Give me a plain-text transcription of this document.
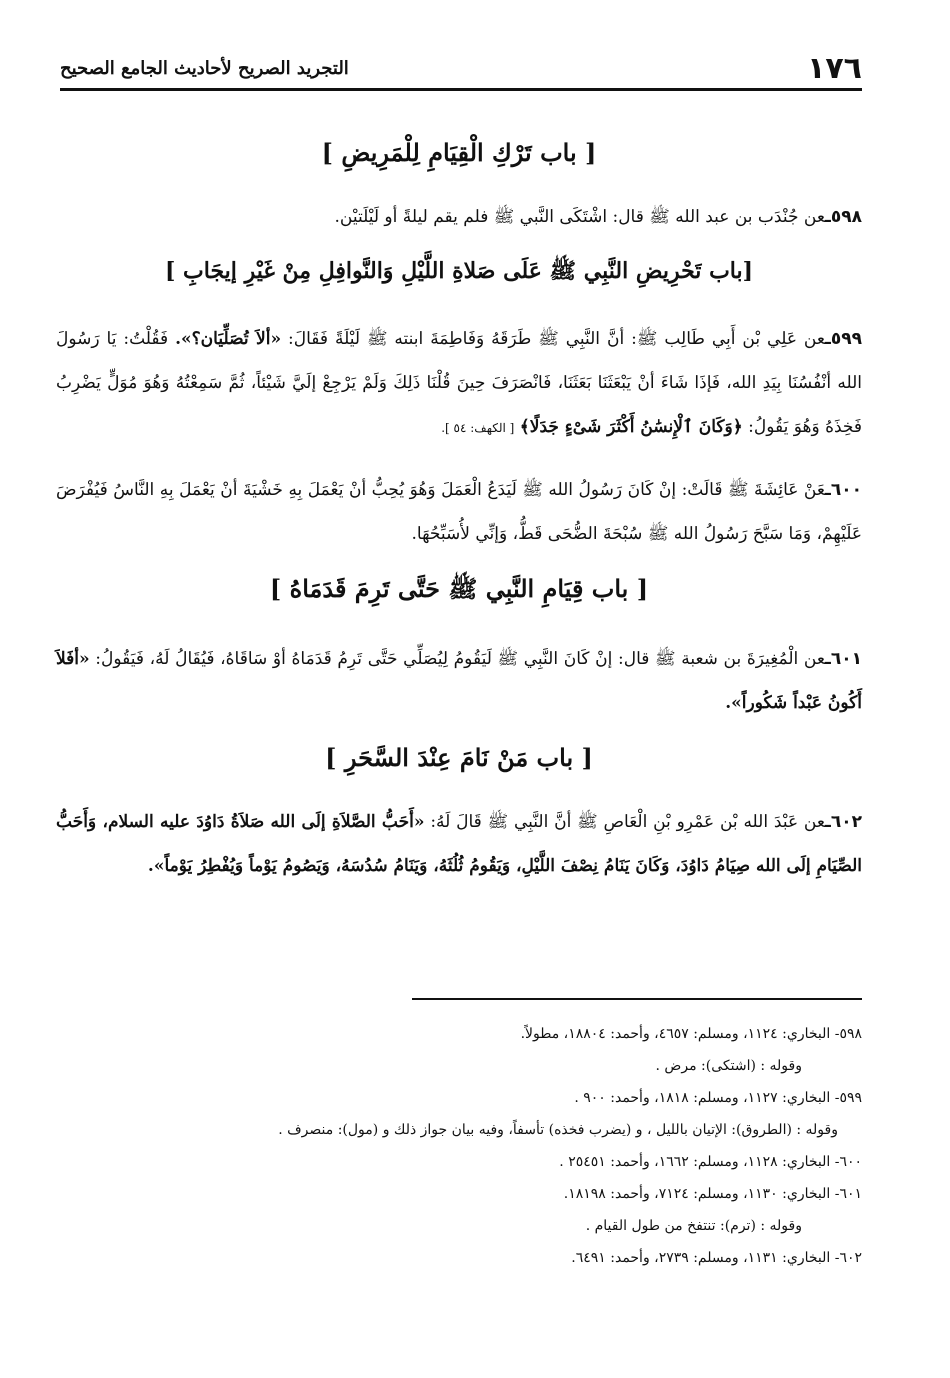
١٧٦
التجريد الصريح لأحاديث الجامع الصحيح
[ باب تَرْكِ الْقِيَامِ لِلْمَرِيضِ ]

٥٩٨ـعن جُنْدَب بن عبد الله ﷺ قال: اشْتَكَى النَّبي ﷺ فلم يقم ليلةً أو لَيْلَتيْن.

[باب تَحْرِيضِ النَّبِي ﷺ عَلَى صَلاةِ اللَّيْلِ وَالنَّوافِلِ مِنْ غَيْرِ إيجَابِ ]

٥٩٩ـعن عَلِي بْن أَبِي طَالِب ﷺ: أنَّ النَّبِي ﷺ طَرَقَهُ وَفَاطِمَةَ ابنته ﷺ لَيْلَةً فَقَالَ: «ألاَ تُصَلِّيَان؟». فَقُلْتُ: يَا رَسُولَ الله أنْفُسُنَا بِيَدِ الله، فَإذَا شَاءَ أنْ يَبْعَثَنَا بَعَثَنَا، فَانْصَرَفَ حِينَ قُلْنَا ذَلِكَ وَلَمْ يَرْجِعْ إلَيَّ شَيْئاً، ثُمَّ سَمِعْتُهُ وَهُوَ مُوَلٍّ يَضْرِبُ فَخِذَهُ وَهُوَ يَقُولُ: ﴿وَكَانَ ٱلْإِنسَٰنُ أَكْثَرَ شَىْءٍ جَدَلًا﴾ [ الكهف: ٥٤ ].

٦٠٠ـعَنْ عَائِشَةَ ﷺ قَالَتْ: إنْ كَانَ رَسُولُ الله ﷺ لَيَدَعُ الْعَمَلَ وَهُوَ يُحِبُّ أنْ يَعْمَلَ بِهِ خَشْيَةَ أنْ يَعْمَلَ بِهِ النَّاسُ فَيُفْرَضَ عَلَيْهِمْ، وَمَا سَبَّحَ رَسُولُ الله ﷺ سُبْحَةَ الضُّحَى قَطُّ، وَإنِّي لأُسَبِّحُهَا.

[ باب قِيَامِ النَّبِي ﷺ حَتَّى تَرِمَ قَدَمَاهُ ]

٦٠١ـعن الْمُغِيرَةَ بن شعبة ﷺ قال: إنْ كَانَ النَّبِي ﷺ لَيَقُومُ لِيُصَلِّي حَتَّى تَرِمُ قَدَمَاهُ أوْ سَاقَاهُ، فَيُقَالُ لَهُ، فَيَقُولُ: «أفَلاَ أَكُونُ عَبْداً شَكُوراً».

[ باب مَنْ نَامَ عِنْدَ السَّحَرِ ]

٦٠٢ـعن عَبْدَ الله بْن عَمْرِو بْنِ الْعَاصِ ﷺ أنَّ النَّبِي ﷺ قَالَ لَهُ: «أَحَبُّ الصَّلاَةِ إلَى الله صَلاَةُ دَاوُدَ عليه السلام، وَأَحَبُّ الصِّيَامِ إلَى الله صِيَامُ دَاوُدَ، وَكَانَ يَنَامُ نِصْفَ اللَّيْلِ، وَيَقُومُ ثُلُثَهُ، وَيَنَامُ سُدُسَهُ، وَيَصُومُ يَوْماً وَيُفْطِرُ يَوْماً».

٥٩٨- البخاري: ١١٢٤، ومسلم: ٤٦٥٧، وأحمد: ١٨٨٠٤، مطولاً.

وقوله : (اشتكى): مرض .

٥٩٩- البخاري: ١١٢٧، ومسلم: ١٨١٨، وأحمد: ٩٠٠ .

وقوله : (الطروق): الإتيان بالليل ، و (يضرب فخذه) تأسفاً، وفيه بيان جواز ذلك و (مول): منصرف .

٦٠٠- البخاري: ١١٢٨، ومسلم: ١٦٦٢، وأحمد: ٢٥٤٥١ .

٦٠١- البخاري: ١١٣٠، ومسلم: ٧١٢٤، وأحمد: ١٨١٩٨.

وقوله : (ترم): تنتفخ من طول القيام .

٦٠٢- البخاري: ١١٣١، ومسلم: ٢٧٣٩، وأحمد: ٦٤٩١.
